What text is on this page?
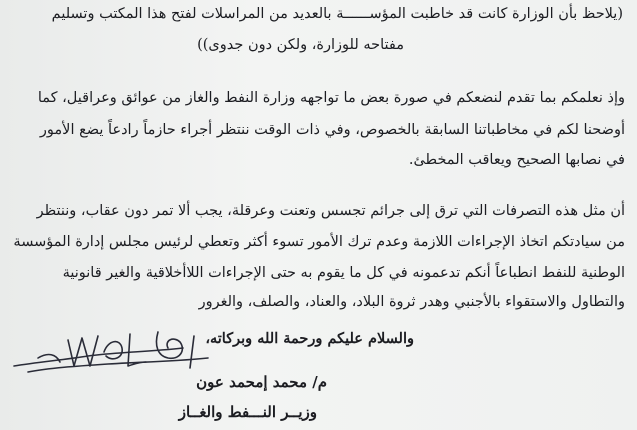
(يلاحظ بأن الوزارة كانت قد خاطبت المؤســــــة بالعديد من المراسلات لفتح هذا المكتب وتسليم
مفتاحه للوزارة، ولكن دون جدوى))
وإذ نعلمكم بما تقدم لنضعكم في صورة بعض ما تواجهه وزارة النفط والغاز من عوائق وعراقيل، كما
أوضحنا لكم في مخاطباتنا السابقة بالخصوص، وفي ذات الوقت ننتظر أجراء حازماً رادعاً يضع الأمور
في نصابها الصحيح ويعاقب المخطئ.
أن مثل هذه التصرفات التي ترق إلى جرائم تجسس وتعنت وعرقلة، يجب ألا تمر دون عقاب، وننتظر
من سيادتكم اتخاذ الإجراءات اللازمة وعدم ترك الأمور تسوء أكثر وتعطي لرئيس مجلس إدارة المؤسسة
الوطنية للنفط انطباعاً أنكم تدعمونه في كل ما يقوم به حتى الإجراءات اللاأخلاقية والغير قانونية
والتطاول والاستقواء بالأجنبي وهدر ثروة البلاد، والعناد، والصلف، والغرور
والسلام عليكم ورحمة الله وبركاته،
م/ محمد إمحمد عون
وزيــر النـــفط والغــاز
